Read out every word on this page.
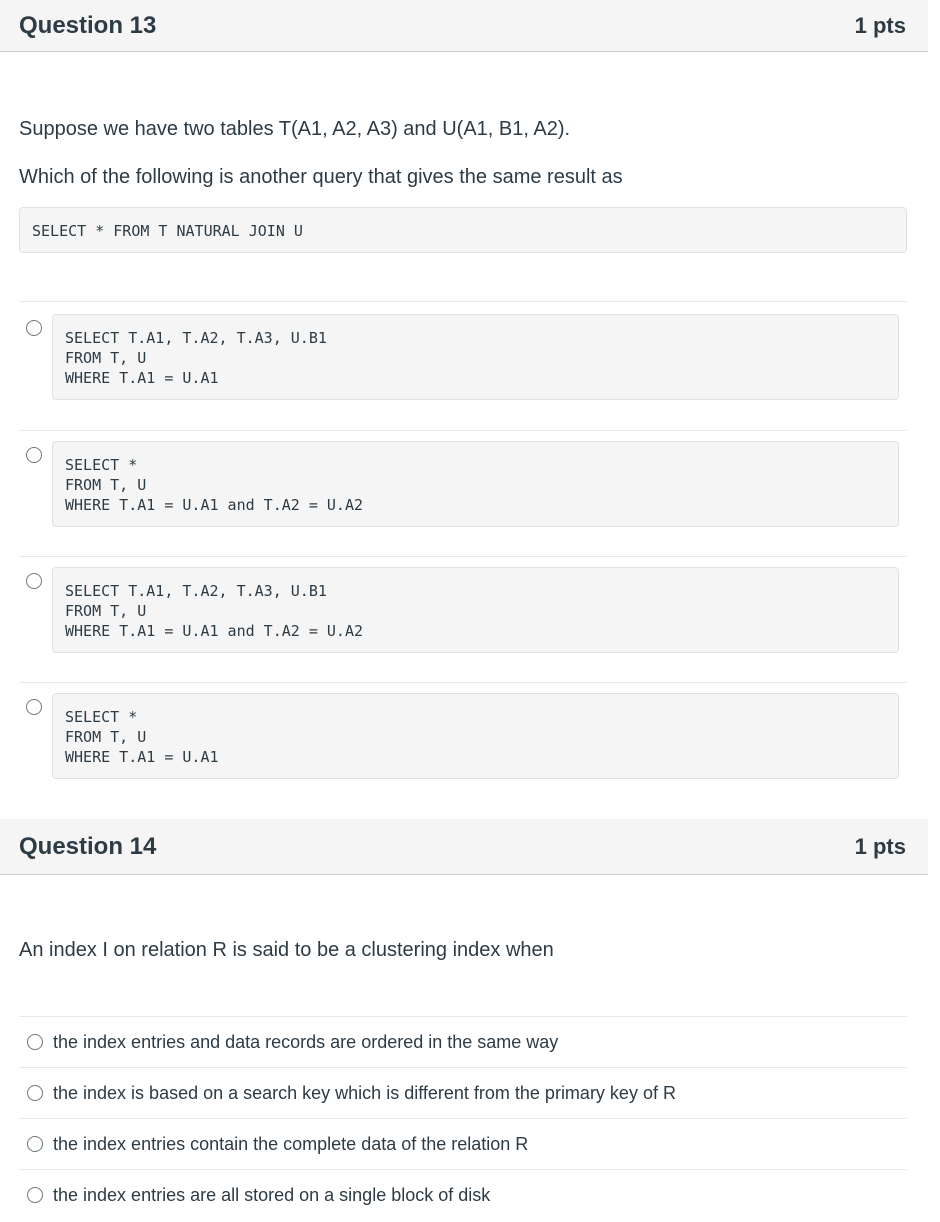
Question 13	1 pts
Suppose we have two tables T(A1, A2, A3) and U(A1, B1, A2).
Which of the following is another query that gives the same result as
SELECT * FROM T NATURAL JOIN U
SELECT T.A1, T.A2, T.A3, U.B1
FROM T, U
WHERE T.A1 = U.A1
SELECT *
FROM T, U
WHERE T.A1 = U.A1 and T.A2 = U.A2
SELECT T.A1, T.A2, T.A3, U.B1
FROM T, U
WHERE T.A1 = U.A1 and T.A2 = U.A2
SELECT *
FROM T, U
WHERE T.A1 = U.A1
Question 14	1 pts
An index I on relation R is said to be a clustering index when
the index entries and data records are ordered in the same way
the index is based on a search key which is different from the primary key of R
the index entries contain the complete data of the relation R
the index entries are all stored on a single block of disk
